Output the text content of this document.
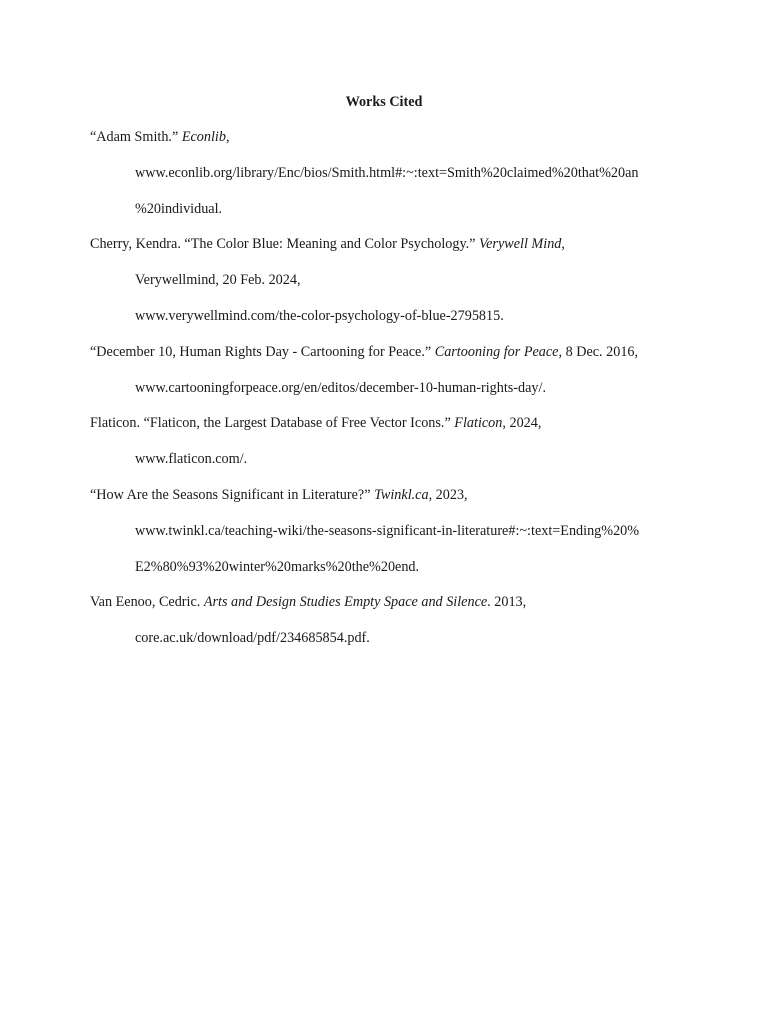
Works Cited
“Adam Smith.” Econlib,
www.econlib.org/library/Enc/bios/Smith.html#:~:text=Smith%20claimed%20that%20an
%20individual.
Cherry, Kendra. “The Color Blue: Meaning and Color Psychology.” Verywell Mind,
Verywellmind, 20 Feb. 2024,
www.verywellmind.com/the-color-psychology-of-blue-2795815.
“December 10, Human Rights Day - Cartooning for Peace.” Cartooning for Peace, 8 Dec. 2016,
www.cartooningforpeace.org/en/editos/december-10-human-rights-day/.
Flaticon. “Flaticon, the Largest Database of Free Vector Icons.” Flaticon, 2024,
www.flaticon.com/.
“How Are the Seasons Significant in Literature?” Twinkl.ca, 2023,
www.twinkl.ca/teaching-wiki/the-seasons-significant-in-literature#:~:text=Ending%20%
E2%80%93%20winter%20marks%20the%20end.
Van Eenoo, Cedric. Arts and Design Studies Empty Space and Silence. 2013,
core.ac.uk/download/pdf/234685854.pdf.
